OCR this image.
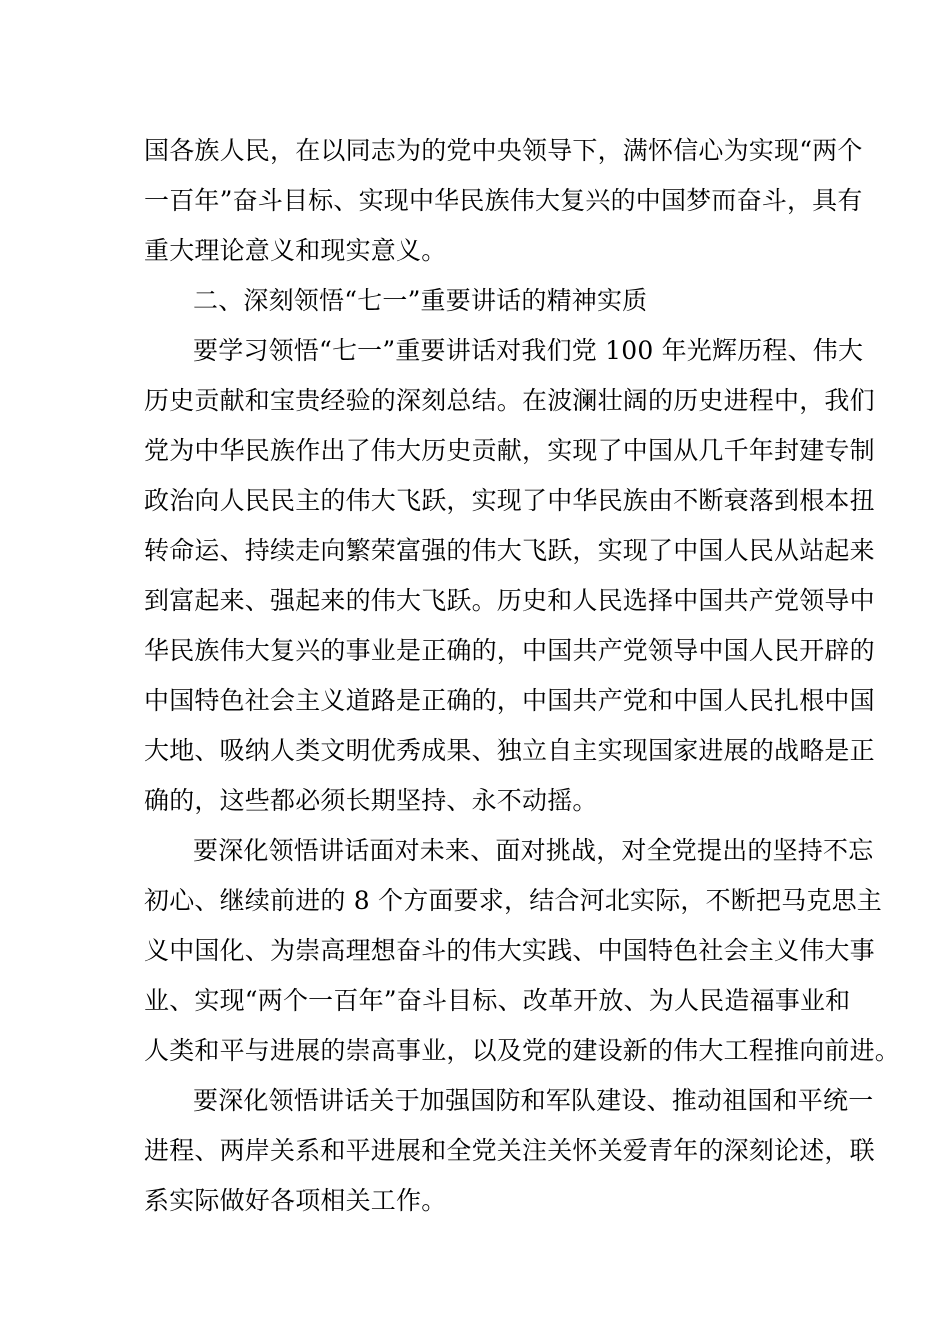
国各族人民，在以同志为的党中央领导下，满怀信心为实现“两个
一百年”奋斗目标、实现中华民族伟大复兴的中国梦而奋斗，具有
重大理论意义和现实意义。
二、深刻领悟“七一”重要讲话的精神实质
要学习领悟“七一”重要讲话对我们党 100 年光辉历程、伟大
历史贡献和宝贵经验的深刻总结。在波澜壮阔的历史进程中，我们
党为中华民族作出了伟大历史贡献，实现了中国从几千年封建专制
政治向人民民主的伟大飞跃，实现了中华民族由不断衰落到根本扭
转命运、持续走向繁荣富强的伟大飞跃，实现了中国人民从站起来
到富起来、强起来的伟大飞跃。历史和人民选择中国共产党领导中
华民族伟大复兴的事业是正确的，中国共产党领导中国人民开辟的
中国特色社会主义道路是正确的，中国共产党和中国人民扎根中国
大地、吸纳人类文明优秀成果、独立自主实现国家进展的战略是正
确的，这些都必须长期坚持、永不动摇。
要深化领悟讲话面对未来、面对挑战，对全党提出的坚持不忘
初心、继续前进的 8 个方面要求，结合河北实际，不断把马克思主
义中国化、为崇高理想奋斗的伟大实践、中国特色社会主义伟大事
业、实现“两个一百年”奋斗目标、改革开放、为人民造福事业和
人类和平与进展的崇高事业，以及党的建设新的伟大工程推向前进。
要深化领悟讲话关于加强国防和军队建设、推动祖国和平统一
进程、两岸关系和平进展和全党关注关怀关爱青年的深刻论述，联
系实际做好各项相关工作。
